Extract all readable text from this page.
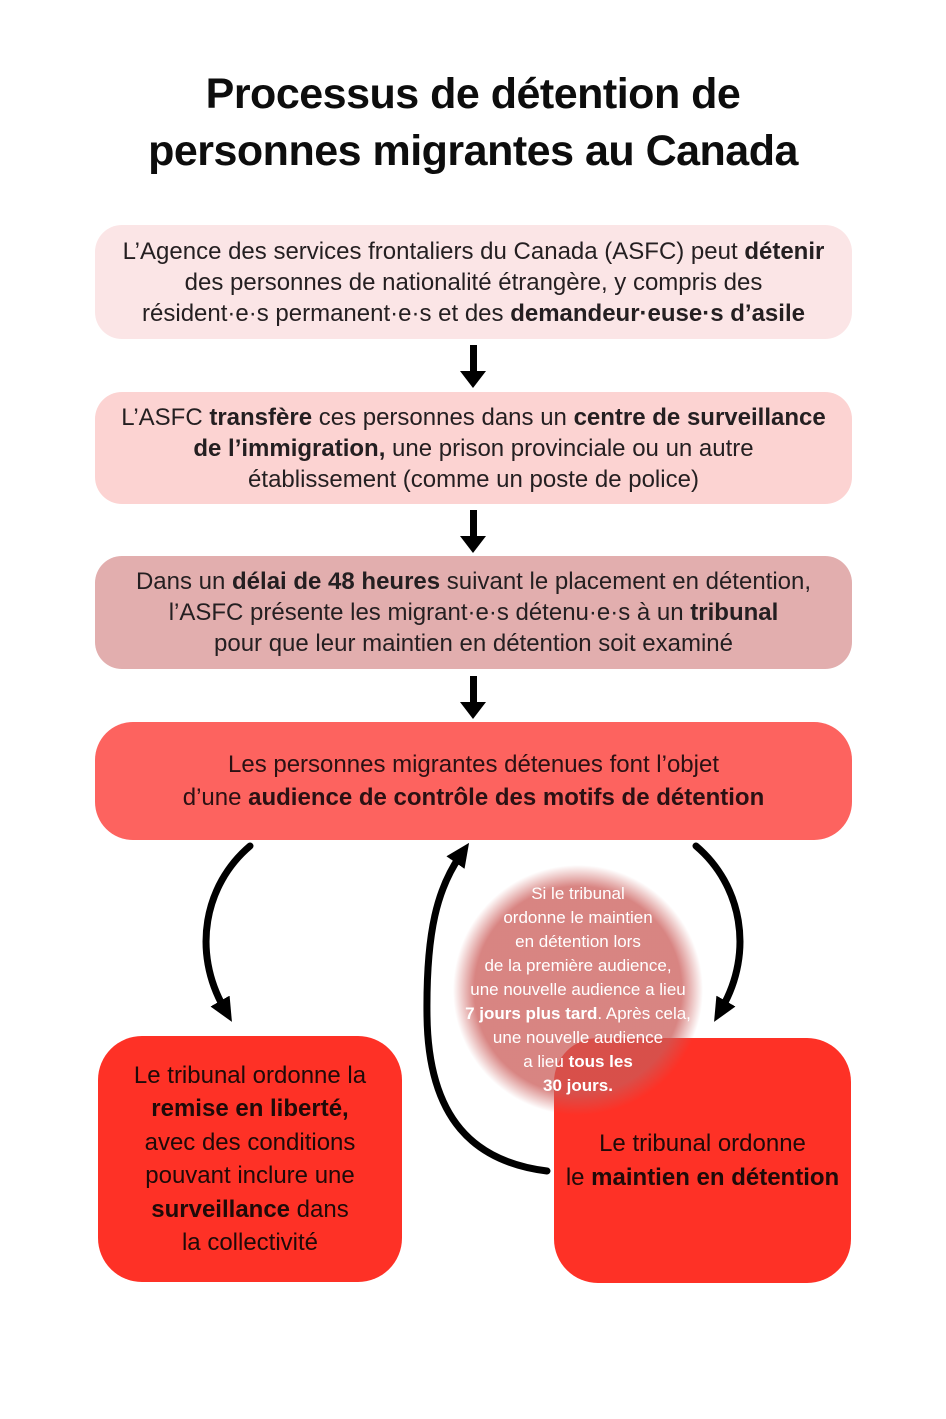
Processus de détention de
personnes migrantes au Canada
L’Agence des services frontaliers du Canada (ASFC) peut détenir
des personnes de nationalité étrangère, y compris des
résident·e·s permanent·e·s et des demandeur·euse·s d’asile
L’ASFC transfère ces personnes dans un centre de surveillance
de l’immigration, une prison provinciale ou un autre
établissement (comme un poste de police)
Dans un délai de 48 heures suivant le placement en détention,
l’ASFC présente les migrant·e·s détenu·e·s à un tribunal
pour que leur maintien en détention soit examiné
Les personnes migrantes détenues font l’objet
d’une audience de contrôle des motifs de détention
Le tribunal ordonne la
remise en liberté,
avec des conditions
pouvant inclure une
surveillance dans
la collectivité
Le tribunal ordonne
le maintien en détention
Si le tribunal
ordonne le maintien
en détention lors
de la première audience,
une nouvelle audience a lieu
7 jours plus tard. Après cela,
une nouvelle audience
a lieu tous les
30 jours.
